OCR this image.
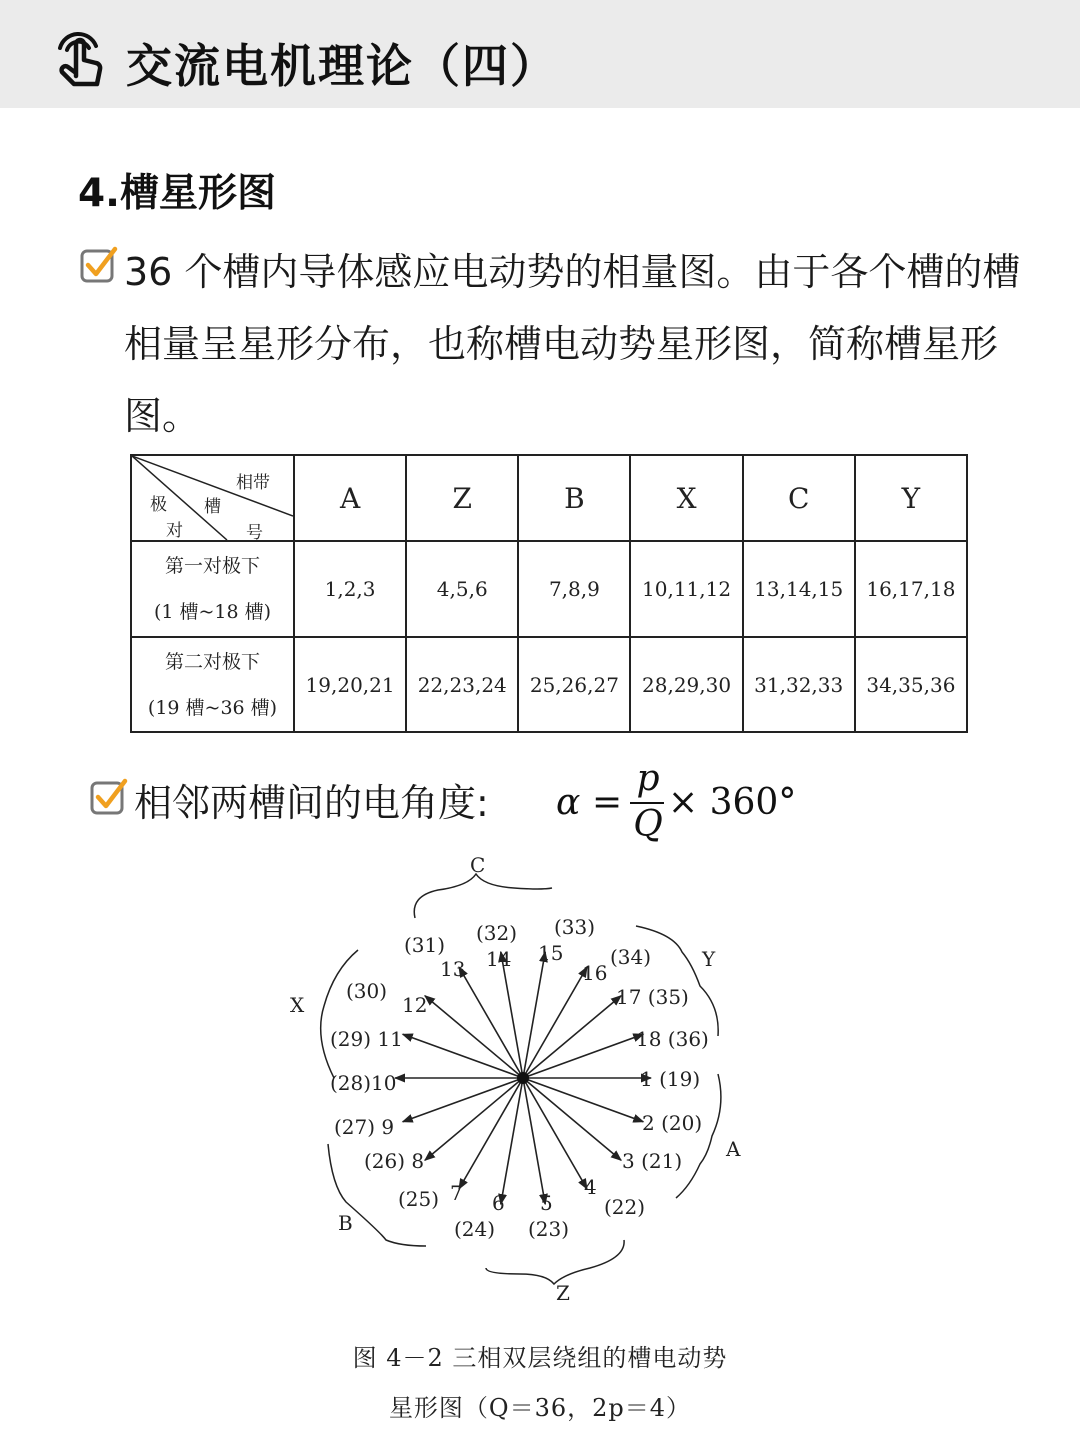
交流电机理论（四）
4.槽星形图
36 个槽内导体感应电动势的相量图。由于各个槽的槽相量呈星形分布，也称槽电动势星形图，简称槽星形图。
相带
槽
极
对 号	A	Z	B	X	C	Y

第一对极下
(1 槽~18 槽)	1,2,3	4,5,6	7,8,9	10,11,12	13,14,15	16,17,18

第二对极下
(19 槽~36 槽)	19,20,21	22,23,24	25,26,27	28,29,30	31,32,33	34,35,36
相邻两槽间的电角度: α =
p
Q
× 360°
C
Y
A
Z
B
X
1 (19)
2 (20)
3 (21)
4
(22)
5
(23)
6
(24)
7
(25)
(26) 8
(27) 9
(28)10
(29) 11
12
(30)
13
(31)
14
(32)
15
(33)
16
(34)
17 (35)
18 (36)
图 4－2 三相双层绕组的槽电动势
星形图（Q＝36，2p＝4）
